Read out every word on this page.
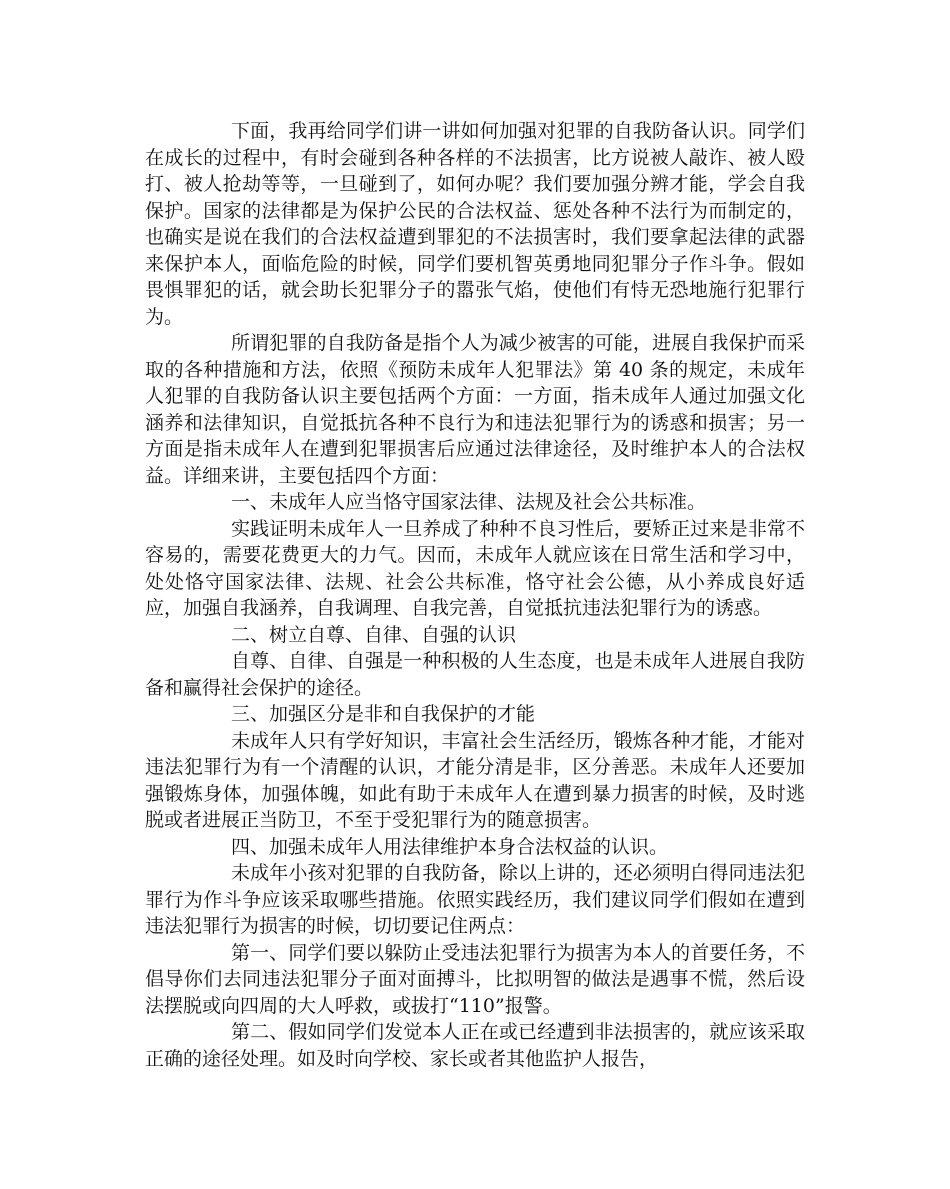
下面，我再给同学们讲一讲如何加强对犯罪的自我防备认识。同学们在成长的过程中，有时会碰到各种各样的不法损害，比方说被人敲诈、被人殴打、被人抢劫等等，一旦碰到了，如何办呢？我们要加强分辨才能，学会自我保护。国家的法律都是为保护公民的合法权益、惩处各种不法行为而制定的，也确实是说在我们的合法权益遭到罪犯的不法损害时，我们要拿起法律的武器来保护本人，面临危险的时候，同学们要机智英勇地同犯罪分子作斗争。假如畏惧罪犯的话，就会助长犯罪分子的嚣张气焰，使他们有恃无恐地施行犯罪行为。

所谓犯罪的自我防备是指个人为减少被害的可能，进展自我保护而采取的各种措施和方法，依照《预防未成年人犯罪法》第 40 条的规定，未成年人犯罪的自我防备认识主要包括两个方面：一方面，指未成年人通过加强文化涵养和法律知识，自觉抵抗各种不良行为和违法犯罪行为的诱惑和损害；另一方面是指未成年人在遭到犯罪损害后应通过法律途径，及时维护本人的合法权益。详细来讲，主要包括四个方面：

一、未成年人应当恪守国家法律、法规及社会公共标准。

实践证明未成年人一旦养成了种种不良习性后，要矫正过来是非常不容易的，需要花费更大的力气。因而，未成年人就应该在日常生活和学习中，处处恪守国家法律、法规、社会公共标准，恪守社会公德，从小养成良好适应，加强自我涵养，自我调理、自我完善，自觉抵抗违法犯罪行为的诱惑。

二、树立自尊、自律、自强的认识

自尊、自律、自强是一种积极的人生态度，也是未成年人进展自我防备和赢得社会保护的途径。

三、加强区分是非和自我保护的才能

未成年人只有学好知识，丰富社会生活经历，锻炼各种才能，才能对违法犯罪行为有一个清醒的认识，才能分清是非，区分善恶。未成年人还要加强锻炼身体，加强体魄，如此有助于未成年人在遭到暴力损害的时候，及时逃脱或者进展正当防卫，不至于受犯罪行为的随意损害。

四、加强未成年人用法律维护本身合法权益的认识。

未成年小孩对犯罪的自我防备，除以上讲的，还必须明白得同违法犯罪行为作斗争应该采取哪些措施。依照实践经历，我们建议同学们假如在遭到违法犯罪行为损害的时候，切切要记住两点：

第一、同学们要以躲防止受违法犯罪行为损害为本人的首要任务，不倡导你们去同违法犯罪分子面对面搏斗，比拟明智的做法是遇事不慌，然后设法摆脱或向四周的大人呼救，或拔打“110”报警。

第二、假如同学们发觉本人正在或已经遭到非法损害的，就应该采取正确的途径处理。如及时向学校、家长或者其他监护人报告，
